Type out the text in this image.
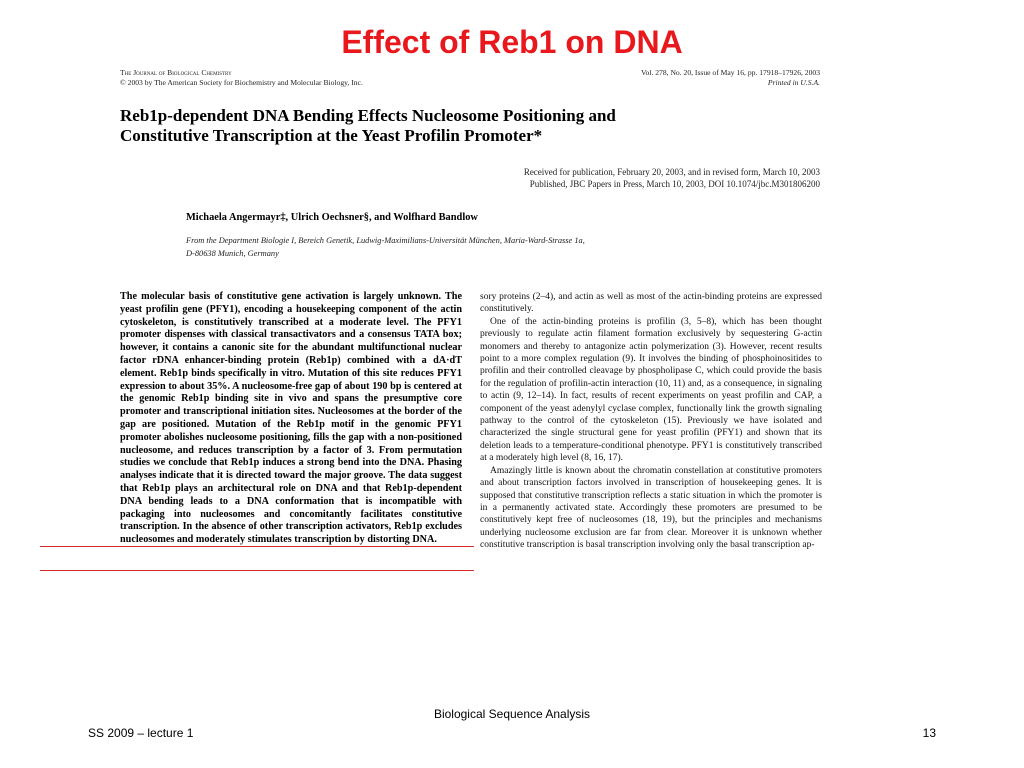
Effect of Reb1 on DNA
The Journal of Biological Chemistry
© 2003 by The American Society for Biochemistry and Molecular Biology, Inc.
Vol. 278, No. 20, Issue of May 16, pp. 17918–17926, 2003
Printed in U.S.A.
Reb1p-dependent DNA Bending Effects Nucleosome Positioning and
Constitutive Transcription at the Yeast Profilin Promoter*
Received for publication, February 20, 2003, and in revised form, March 10, 2003
Published, JBC Papers in Press, March 10, 2003, DOI 10.1074/jbc.M301806200
Michaela Angermayr‡, Ulrich Oechsner§, and Wolfhard Bandlow
From the Department Biologie I, Bereich Genetik, Ludwig-Maximilians-Universität München, Maria-Ward-Strasse 1a,
D-80638 Munich, Germany

The molecular basis of constitutive gene activation is largely unknown. The yeast profilin gene (PFY1), encoding a housekeeping component of the actin cytoskeleton, is constitutively transcribed at a moderate level. The PFY1 promoter dispenses with classical transactivators and a consensus TATA box; however, it contains a canonic site for the abundant multifunctional nuclear factor rDNA enhancer-binding protein (Reb1p) combined with a dA·dT element. Reb1p binds specifically in vitro. Mutation of this site reduces PFY1 expression to about 35%. A nucleosome-free gap of about 190 bp is centered at the genomic Reb1p binding site in vivo and spans the presumptive core promoter and transcriptional initiation sites. Nucleosomes at the border of the gap are positioned. Mutation of the Reb1p motif in the genomic PFY1 promoter abolishes nucleosome positioning, fills the gap with a non-positioned nucleosome, and reduces transcription by a factor of 3. From permutation studies we conclude that Reb1p induces a strong bend into the DNA. Phasing analyses indicate that it is directed toward the major groove. The data suggest that Reb1p plays an architectural role on DNA and that Reb1p-dependent DNA bending leads to a DNA conformation that is incompatible with packaging into nucleosomes and concomitantly facilitates constitutive transcription. In the absence of other transcription activators, Reb1p excludes nucleosomes and moderately stimulates transcription by distorting DNA.

sory proteins (2–4), and actin as well as most of the actin-binding proteins are expressed constitutively.

One of the actin-binding proteins is profilin (3, 5–8), which has been thought previously to regulate actin filament formation exclusively by sequestering G-actin monomers and thereby to antagonize actin polymerization (3). However, recent results point to a more complex regulation (9). It involves the binding of phosphoinositides to profilin and their controlled cleavage by phospholipase C, which could provide the basis for the regulation of profilin-actin interaction (10, 11) and, as a consequence, in signaling to actin (9, 12–14). In fact, results of recent experiments on yeast profilin and CAP, a component of the yeast adenylyl cyclase complex, functionally link the growth signaling pathway to the control of the cytoskeleton (15). Previously we have isolated and characterized the single structural gene for yeast profilin (PFY1) and shown that its deletion leads to a temperature-conditional phenotype. PFY1 is constitutively transcribed at a moderately high level (8, 16, 17).

Amazingly little is known about the chromatin constellation at constitutive promoters and about transcription factors involved in transcription of housekeeping genes. It is supposed that constitutive transcription reflects a static situation in which the promoter is in a permanently activated state. Accordingly these promoters are presumed to be constitutively kept free of nucleosomes (18, 19), but the principles and mechanisms underlying nucleosome exclusion are far from clear. Moreover it is unknown whether constitutive transcription is basal transcription involving only the basal transcription ap-

Biological Sequence Analysis
SS 2009 – lecture 1	13
